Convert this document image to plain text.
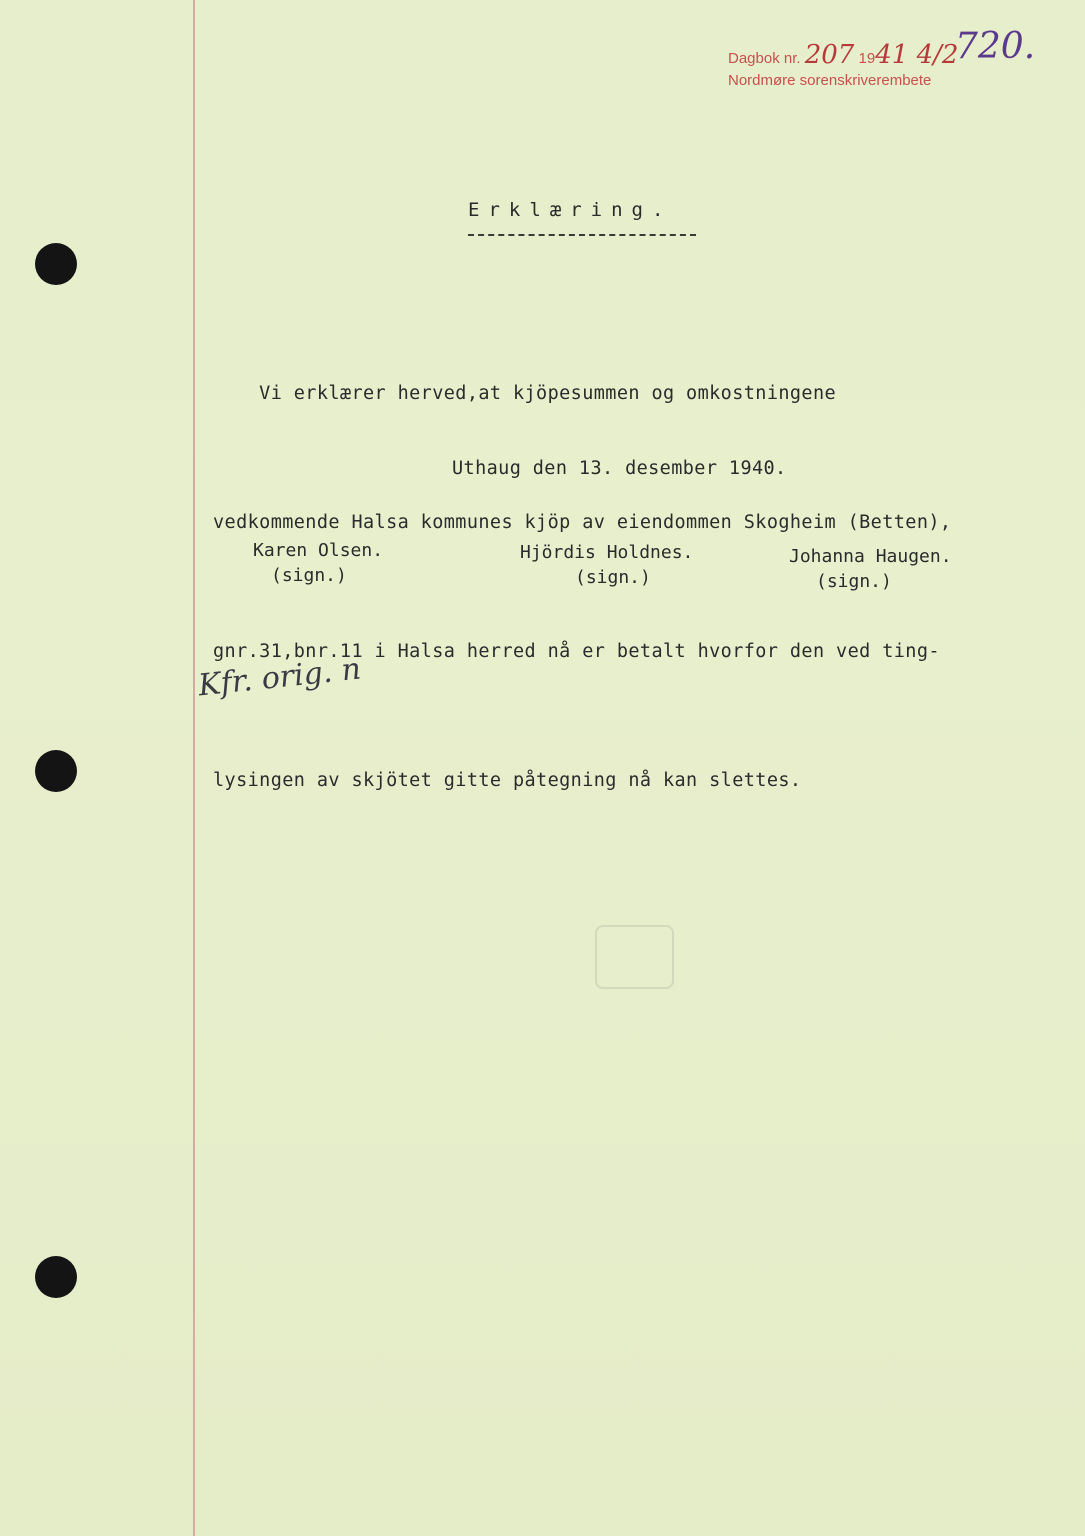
Dagbok nr. 207 1941 4/2
Nordmøre sorenskriverembete
720.
Erklæring.

Vi erklærer herved,at kjöpesummen og omkostningene

vedkommende Halsa kommunes kjöp av eiendommen Skogheim (Betten),

gnr.31,bnr.11 i Halsa herred nå er betalt hvorfor den ved ting-

lysingen av skjötet gitte påtegning nå kan slettes.

Uthaug den 13. desember 1940.
Karen Olsen.
(sign.)
Hjördis Holdnes.
(sign.)
Johanna Haugen.
(sign.)
Kfr. orig. n
